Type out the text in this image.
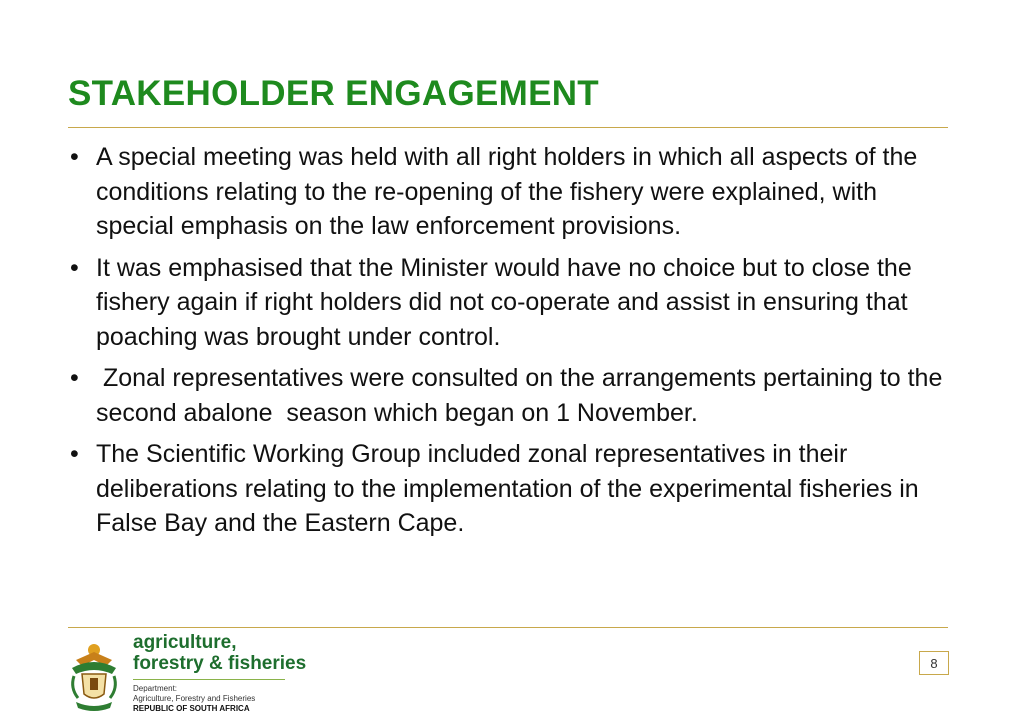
STAKEHOLDER ENGAGEMENT
• A special meeting was held with all right holders in which all aspects of the conditions relating to the re-opening of the fishery were explained, with special emphasis on the law enforcement provisions.
• It was emphasised that the Minister would have no choice but to close the fishery again if right holders did not co-operate and assist in ensuring that poaching was brought under control.
• Zonal representatives were consulted on the arrangements pertaining to the second abalone  season which began on 1 November.
• The Scientific Working Group included zonal representatives in their deliberations relating to the implementation of the experimental fisheries in False Bay and the Eastern Cape.
agriculture,
forestry & fisheries
Department:
Agriculture, Forestry and Fisheries
REPUBLIC OF SOUTH AFRICA
8
